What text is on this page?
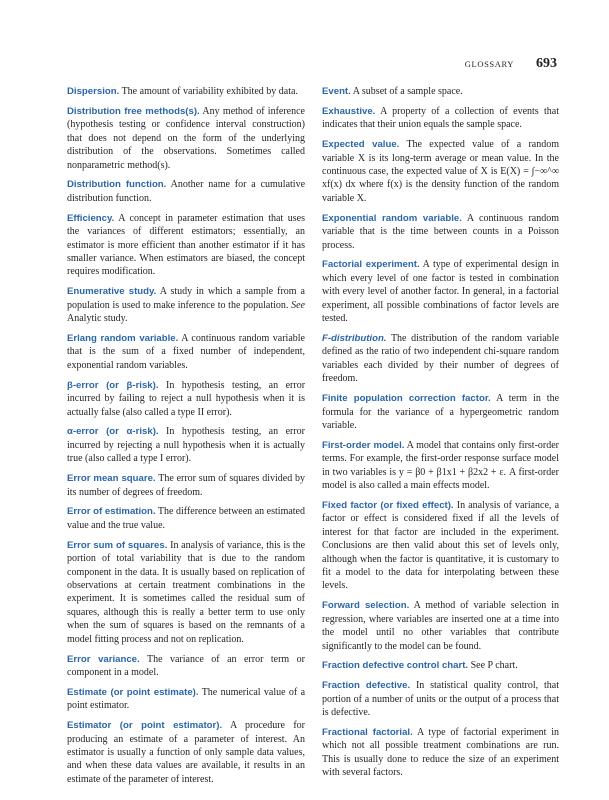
GLOSSARY 693

Dispersion. The amount of variability exhibited by data.

Distribution free methods(s). Any method of inference (hypothesis testing or confidence interval construction) that does not depend on the form of the underlying distribution of the observations. Sometimes called nonparametric method(s).

Distribution function. Another name for a cumulative distribution function.

Efficiency. A concept in parameter estimation that uses the variances of different estimators; essentially, an estimator is more efficient than another estimator if it has smaller variance. When estimators are biased, the concept requires modification.

Enumerative study. A study in which a sample from a population is used to make inference to the population. See Analytic study.

Erlang random variable. A continuous random variable that is the sum of a fixed number of independent, exponential random variables.

β-error (or β-risk). In hypothesis testing, an error incurred by failing to reject a null hypothesis when it is actually false (also called a type II error).

α-error (or α-risk). In hypothesis testing, an error incurred by rejecting a null hypothesis when it is actually true (also called a type I error).

Error mean square. The error sum of squares divided by its number of degrees of freedom.

Error of estimation. The difference between an estimated value and the true value.

Error sum of squares. In analysis of variance, this is the portion of total variability that is due to the random component in the data. It is usually based on replication of observations at certain treatment combinations in the experiment. It is sometimes called the residual sum of squares, although this is really a better term to use only when the sum of squares is based on the remnants of a model fitting process and not on replication.

Error variance. The variance of an error term or component in a model.

Estimate (or point estimate). The numerical value of a point estimator.

Estimator (or point estimator). A procedure for producing an estimate of a parameter of interest. An estimator is usually a function of only sample data values, and when these data values are available, it results in an estimate of the parameter of interest.

Event. A subset of a sample space.

Exhaustive. A property of a collection of events that indicates that their union equals the sample space.

Expected value. The expected value of a random variable X is its long-term average or mean value. In the continuous case, the expected value of X is E(X) = ∫−∞^∞ xf(x) dx where f(x) is the density function of the random variable X.

Exponential random variable. A continuous random variable that is the time between counts in a Poisson process.

Factorial experiment. A type of experimental design in which every level of one factor is tested in combination with every level of another factor. In general, in a factorial experiment, all possible combinations of factor levels are tested.

F-distribution. The distribution of the random variable defined as the ratio of two independent chi-square random variables each divided by their number of degrees of freedom.

Finite population correction factor. A term in the formula for the variance of a hypergeometric random variable.

First-order model. A model that contains only first-order terms. For example, the first-order response surface model in two variables is y = β0 + β1x1 + β2x2 + ε. A first-order model is also called a main effects model.

Fixed factor (or fixed effect). In analysis of variance, a factor or effect is considered fixed if all the levels of interest for that factor are included in the experiment. Conclusions are then valid about this set of levels only, although when the factor is quantitative, it is customary to fit a model to the data for interpolating between these levels.

Forward selection. A method of variable selection in regression, where variables are inserted one at a time into the model until no other variables that contribute significantly to the model can be found.

Fraction defective control chart. See P chart.

Fraction defective. In statistical quality control, that portion of a number of units or the output of a process that is defective.

Fractional factorial. A type of factorial experiment in which not all possible treatment combinations are run. This is usually done to reduce the size of an experiment with several factors.
